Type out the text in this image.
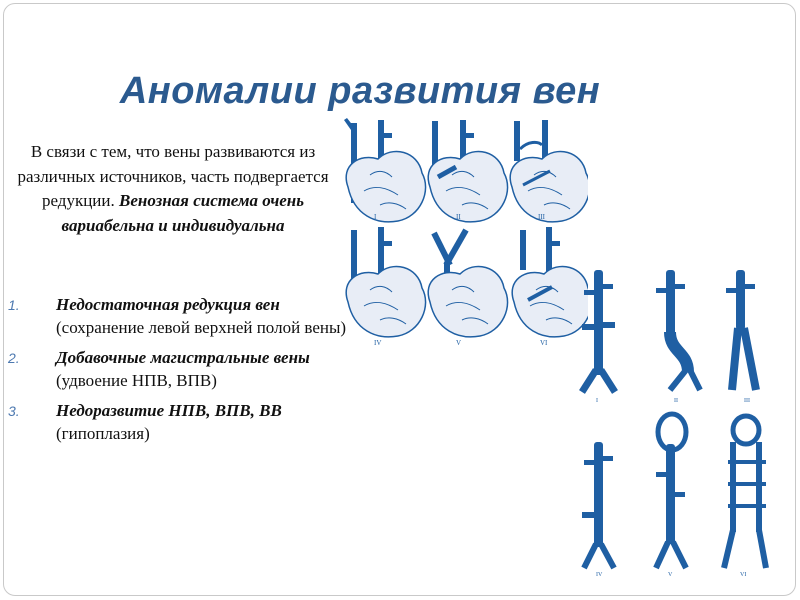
Аномалии развития вен
В связи с тем, что вены развиваются из различных источников, часть подвергается редукции. Венозная система очень вариабельна и индивидуальна
1. Недостаточная редукция вен (сохранение левой верхней полой вены)
2. Добавочные магистральные вены (удвоение НПВ, ВПВ)
3. Недоразвитие НПВ, ВПВ, ВВ (гипоплазия)
I	II	III
IV	V	VI
I	II	III
IV	V	VI
